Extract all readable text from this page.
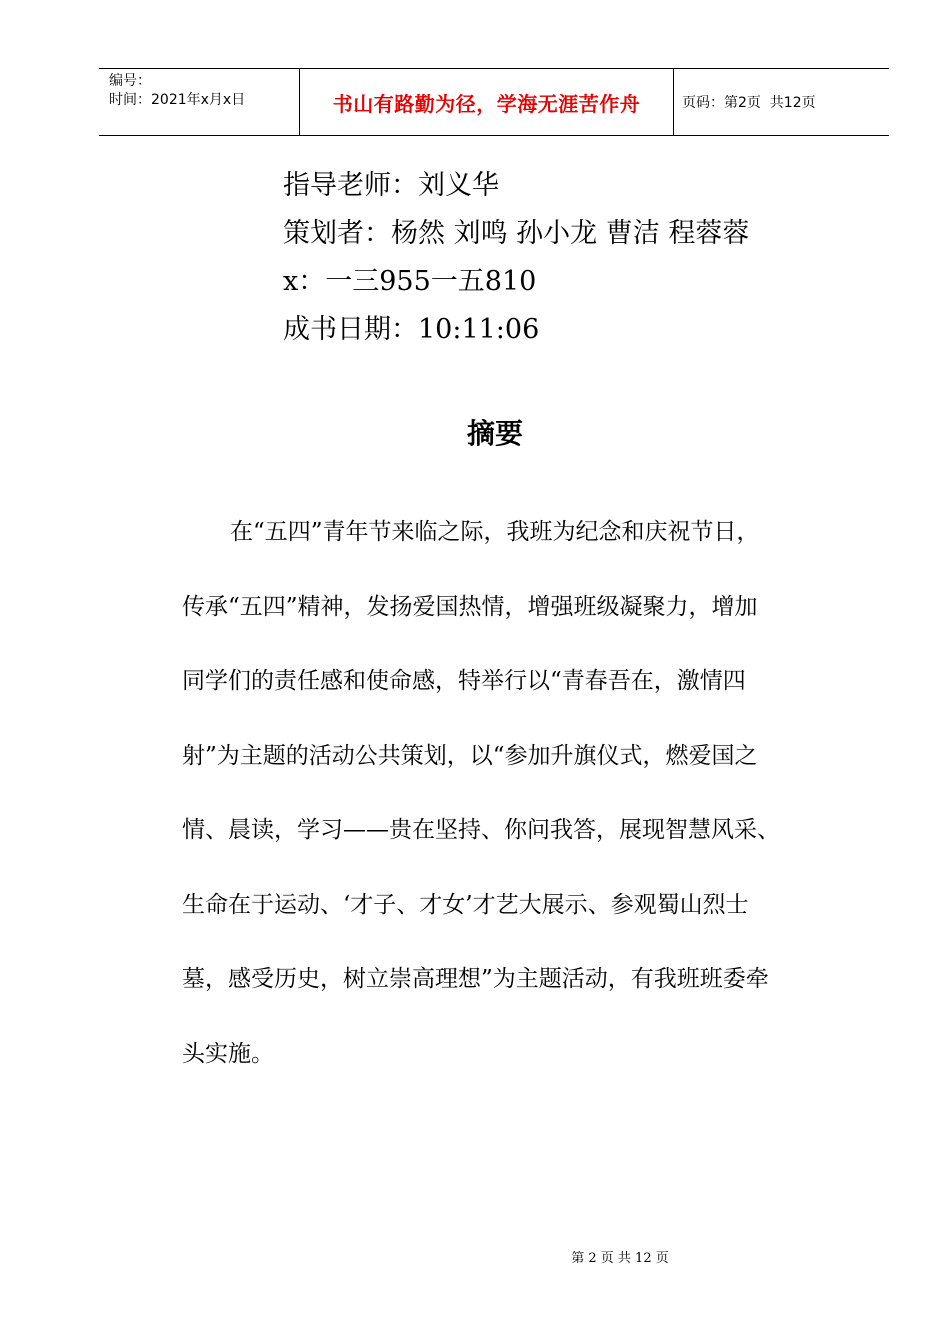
编号：
时间：2021年x月x日	书山有路勤为径，学海无涯苦作舟	页码：第2页  共12页
指导老师：刘义华
策划者：杨然 刘鸣 孙小龙 曹洁 程蓉蓉
x：一三955一五810
成书日期：10:11:06
摘要
在“五四”青年节来临之际，我班为纪念和庆祝节日，
传承“五四”精神，发扬爱国热情，增强班级凝聚力，增加
同学们的责任感和使命感，特举行以“青春吾在，激情四
射”为主题的活动公共策划，以“参加升旗仪式，燃爱国之
情、晨读，学习——贵在坚持、你问我答，展现智慧风采、
生命在于运动、‘才子、才女’才艺大展示、参观蜀山烈士
墓，感受历史，树立崇高理想”为主题活动，有我班班委牵
头实施。
第 2 页 共 12 页
